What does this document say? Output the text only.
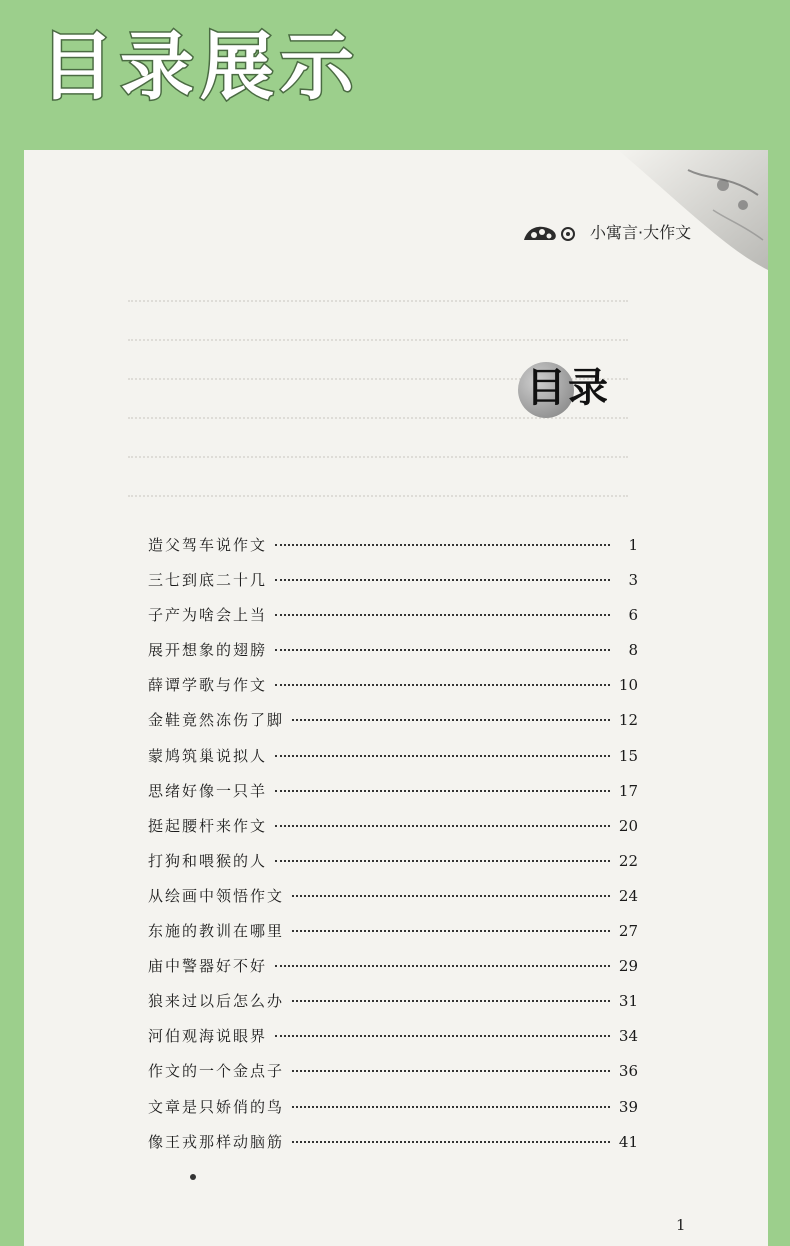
目录展示
小寓言·大作文
目录
造父驾车说作文	1
三七到底二十几	3
子产为啥会上当	6
展开想象的翅膀	8
薛谭学歌与作文	10
金鞋竟然冻伤了脚	12
蒙鸠筑巢说拟人	15
思绪好像一只羊	17
挺起腰杆来作文	20
打狗和喂猴的人	22
从绘画中领悟作文	24
东施的教训在哪里	27
庙中警器好不好	29
狼来过以后怎么办	31
河伯观海说眼界	34
作文的一个金点子	36
文章是只娇俏的鸟	39
像王戎那样动脑筋	41
1
